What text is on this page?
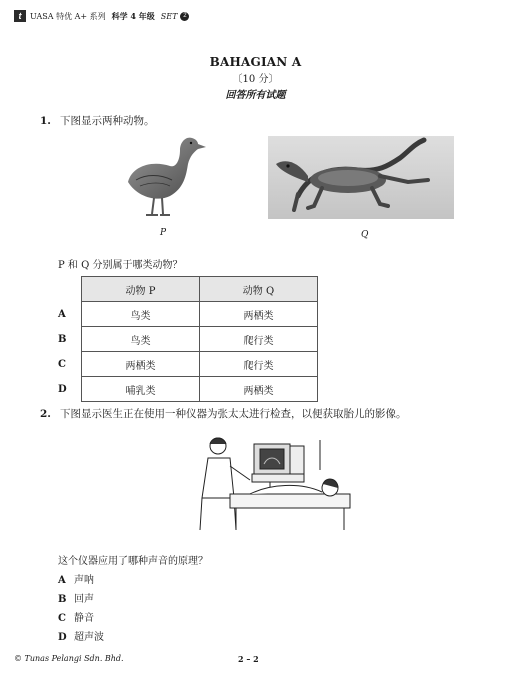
t	UASA 特优 A+ 系列 科学 4 年级 SET 2
BAHAGIAN A
〔10 分〕
回答所有试题
1. 下图显示两种动物。
P	Q
P 和 Q 分别属于哪类动物？
	动物 P	动物 Q
A	鸟类	两栖类
B	鸟类	爬行类
C	两栖类	爬行类
D	哺乳类	两栖类
2. 下图显示医生正在使用一种仪器为张太太进行检查，以便获取胎儿的影像。
这个仪器应用了哪种声音的原理？
A 声呐
B 回声
C 静音
D 超声波
© Tunas Pelangi Sdn. Bhd.	2 – 2
